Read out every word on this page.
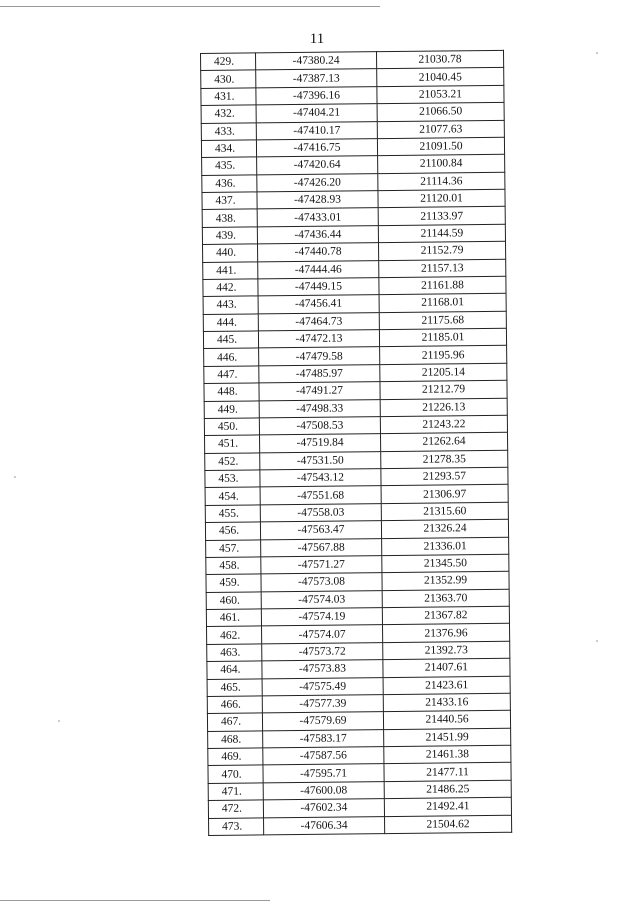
11
429.	-47380.24	21030.78
430.	-47387.13	21040.45
431.	-47396.16	21053.21
432.	-47404.21	21066.50
433.	-47410.17	21077.63
434.	-47416.75	21091.50
435.	-47420.64	21100.84
436.	-47426.20	21114.36
437.	-47428.93	21120.01
438.	-47433.01	21133.97
439.	-47436.44	21144.59
440.	-47440.78	21152.79
441.	-47444.46	21157.13
442.	-47449.15	21161.88
443.	-47456.41	21168.01
444.	-47464.73	21175.68
445.	-47472.13	21185.01
446.	-47479.58	21195.96
447.	-47485.97	21205.14
448.	-47491.27	21212.79
449.	-47498.33	21226.13
450.	-47508.53	21243.22
451.	-47519.84	21262.64
452.	-47531.50	21278.35
453.	-47543.12	21293.57
454.	-47551.68	21306.97
455.	-47558.03	21315.60
456.	-47563.47	21326.24
457.	-47567.88	21336.01
458.	-47571.27	21345.50
459.	-47573.08	21352.99
460.	-47574.03	21363.70
461.	-47574.19	21367.82
462.	-47574.07	21376.96
463.	-47573.72	21392.73
464.	-47573.83	21407.61
465.	-47575.49	21423.61
466.	-47577.39	21433.16
467.	-47579.69	21440.56
468.	-47583.17	21451.99
469.	-47587.56	21461.38
470.	-47595.71	21477.11
471.	-47600.08	21486.25
472.	-47602.34	21492.41
473.	-47606.34	21504.62
